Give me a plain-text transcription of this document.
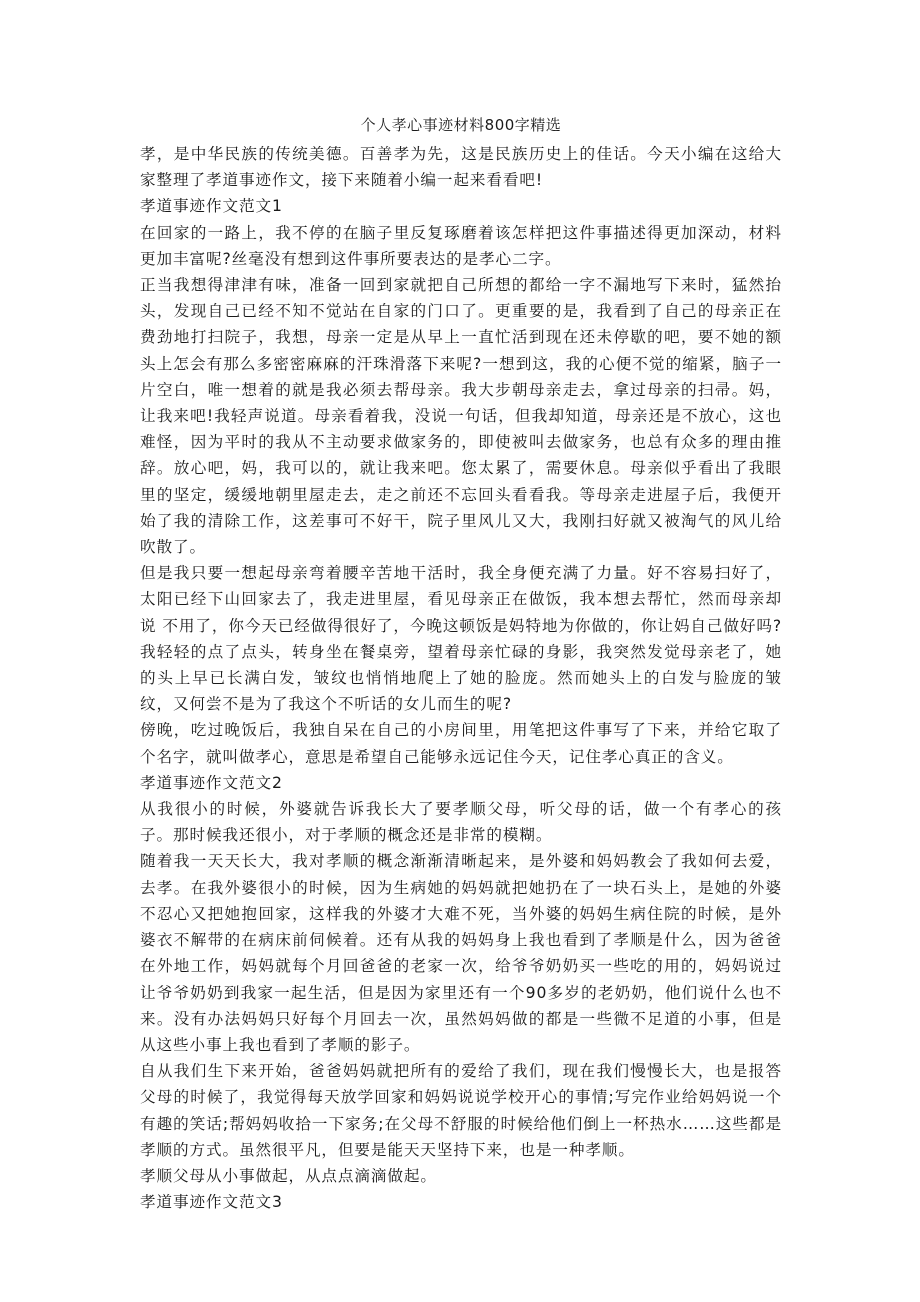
个人孝心事迹材料800字精选

孝，是中华民族的传统美德。百善孝为先，这是民族历史上的佳话。今天小编在这给大家整理了孝道事迹作文，接下来随着小编一起来看看吧!

孝道事迹作文范文1

在回家的一路上，我不停的在脑子里反复琢磨着该怎样把这件事描述得更加深动，材料更加丰富呢?丝毫没有想到这件事所要表达的是孝心二字。

正当我想得津津有味，准备一回到家就把自己所想的都给一字不漏地写下来时，猛然抬头，发现自己已经不知不觉站在自家的门口了。更重要的是，我看到了自己的母亲正在费劲地打扫院子，我想，母亲一定是从早上一直忙活到现在还未停歇的吧，要不她的额头上怎会有那么多密密麻麻的汗珠滑落下来呢?一想到这，我的心便不觉的缩紧，脑子一片空白，唯一想着的就是我必须去帮母亲。我大步朝母亲走去，拿过母亲的扫帚。妈，让我来吧!我轻声说道。母亲看着我，没说一句话，但我却知道，母亲还是不放心，这也难怪，因为平时的我从不主动要求做家务的，即使被叫去做家务，也总有众多的理由推辞。放心吧，妈，我可以的，就让我来吧。您太累了，需要休息。母亲似乎看出了我眼里的坚定，缓缓地朝里屋走去，走之前还不忘回头看看我。等母亲走进屋子后，我便开始了我的清除工作，这差事可不好干，院子里风儿又大，我刚扫好就又被淘气的风儿给吹散了。

但是我只要一想起母亲弯着腰辛苦地干活时，我全身便充满了力量。好不容易扫好了，太阳已经下山回家去了，我走进里屋，看见母亲正在做饭，我本想去帮忙，然而母亲却说 不用了，你今天已经做得很好了，今晚这顿饭是妈特地为你做的，你让妈自己做好吗?我轻轻的点了点头，转身坐在餐桌旁，望着母亲忙碌的身影，我突然发觉母亲老了，她的头上早已长满白发，皱纹也悄悄地爬上了她的脸庞。然而她头上的白发与脸庞的皱纹，又何尝不是为了我这个不听话的女儿而生的呢?

傍晚，吃过晚饭后，我独自呆在自己的小房间里，用笔把这件事写了下来，并给它取了个名字，就叫做孝心，意思是希望自己能够永远记住今天，记住孝心真正的含义。

孝道事迹作文范文2

从我很小的时候，外婆就告诉我长大了要孝顺父母，听父母的话，做一个有孝心的孩子。那时候我还很小，对于孝顺的概念还是非常的模糊。

随着我一天天长大，我对孝顺的概念渐渐清晰起来，是外婆和妈妈教会了我如何去爱，去孝。在我外婆很小的时候，因为生病她的妈妈就把她扔在了一块石头上，是她的外婆不忍心又把她抱回家，这样我的外婆才大难不死，当外婆的妈妈生病住院的时候，是外婆衣不解带的在病床前伺候着。还有从我的妈妈身上我也看到了孝顺是什么，因为爸爸在外地工作，妈妈就每个月回爸爸的老家一次，给爷爷奶奶买一些吃的用的，妈妈说过让爷爷奶奶到我家一起生活，但是因为家里还有一个90多岁的老奶奶，他们说什么也不来。没有办法妈妈只好每个月回去一次，虽然妈妈做的都是一些微不足道的小事，但是从这些小事上我也看到了孝顺的影子。

自从我们生下来开始，爸爸妈妈就把所有的爱给了我们，现在我们慢慢长大，也是报答父母的时候了，我觉得每天放学回家和妈妈说说学校开心的事情;写完作业给妈妈说一个有趣的笑话;帮妈妈收拾一下家务;在父母不舒服的时候给他们倒上一杯热水……这些都是孝顺的方式。虽然很平凡，但要是能天天坚持下来，也是一种孝顺。

孝顺父母从小事做起，从点点滴滴做起。

孝道事迹作文范文3
